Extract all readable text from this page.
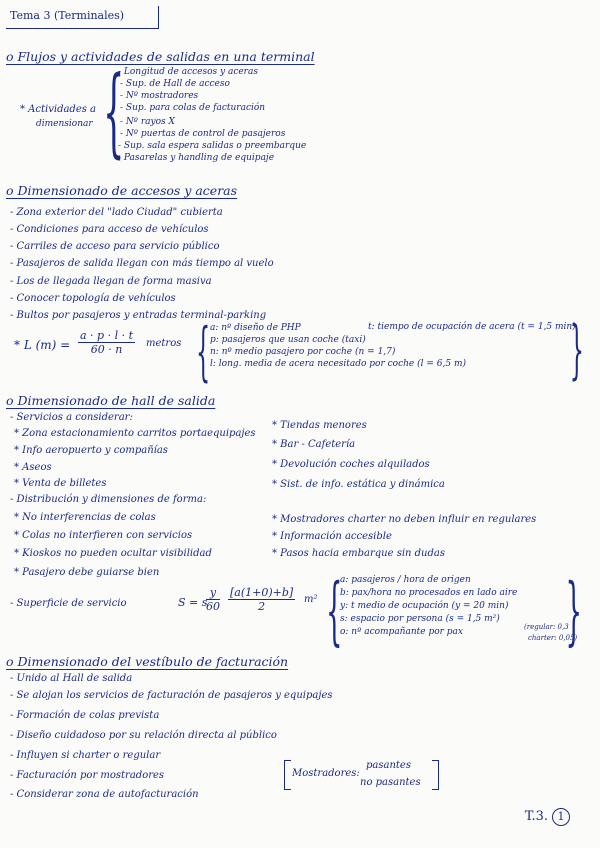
Tema 3 (Terminales)
o Flujos y actividades de salidas en una terminal
* Actividades a
dimensionar {
- Longitud de accesos y aceras
- Sup. de Hall de acceso
- Nº mostradores
- Sup. para colas de facturación
- Nº rayos X
- Nº puertas de control de pasajeros
- Sup. sala espera salidas o preembarque
- Pasarelas y handling de equipaje
o Dimensionado de accesos y aceras
- Zona exterior del "lado Ciudad" cubierta
- Condiciones para acceso de vehículos
- Carriles de acceso para servicio público
- Pasajeros de salida llegan con más tiempo al vuelo
- Los de llegada llegan de forma masiva
- Conocer topología de vehículos
- Bultos por pasajeros y entradas terminal-parking
* L $(m) = \frac{a \cdot p \cdot l \cdot t}{60 \cdot n}$ metros { a: nº diseño de PHP
p: pasajeros que usan coche (taxi)
n: nº medio pasajero por coche (n = 1,7)
l: long. media de acera necesitado por coche (l = 6,5 m)
t: tiempo de ocupación de acera (t = 1,5 min)
{
o Dimensionado de hall de salida
- Servicios a considerar:
* Zona estacionamiento carritos portaequipajes
* Info aeropuerto y compañías
* Aseos
* Venta de billetes
* Tiendas menores
* Bar - Cafetería
* Devolución coches alquilados
* Sist. de info. estática y dinámica
- Distribución y dimensiones de forma:
* No interferencias de colas
* Colas no interfieren con servicios
* Kioskos no pueden ocultar visibilidad
* Pasajero debe guiarse bien
* Mostradores charter no deben influir en regulares
* Información accesible
* Pasos hacia embarque sin dudas
- Superficie de servicio	S = s
$\frac{y}{60} \frac{[a(1+0)+b]}{2} m^2$ {
a: pasajeros / hora de origen
b: pax/hora no procesados en lado aire
y: t medio de ocupación (y = 20 min)
s: espacio por persona (s = 1,5 m²)
o: nº acompañante por pax	(regular: 0,3
charter: 0,05)
{
o Dimensionado del vestíbulo de facturación
- Unido al Hall de salida
- Se alojan los servicios de facturación de pasajeros y equipajes
- Formación de colas prevista
- Diseño cuidadoso por su relación directa al público
- Influyen si charter o regular
- Facturación por mostradores
- Considerar zona de autofacturación
Mostradores:
pasantes
no pasantes
T.3. 1
